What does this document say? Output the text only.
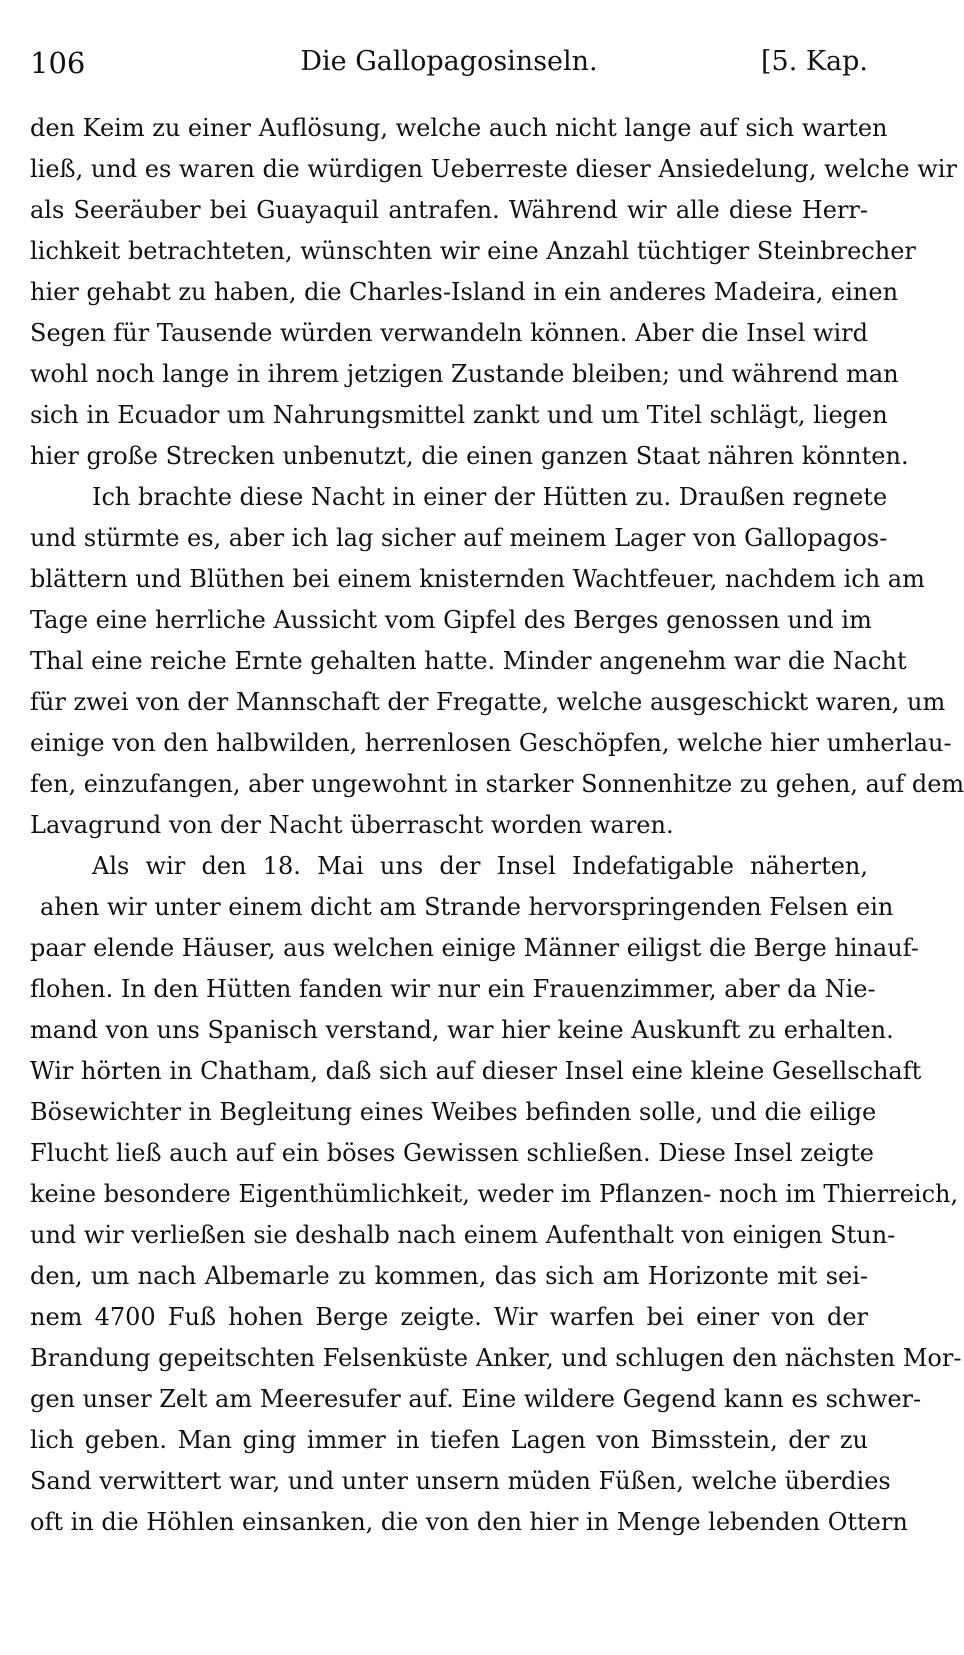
106	Die Gallopagosinseln.	[5. Kap.
den Keim zu einer Auflösung, welche auch nicht lange auf sich warten
ließ, und es waren die würdigen Ueberreste dieser Ansiedelung, welche wir
als Seeräuber bei Guayaquil antrafen. Während wir alle diese Herr-
lichkeit betrachteten, wünschten wir eine Anzahl tüchtiger Steinbrecher
hier gehabt zu haben, die Charles-Island in ein anderes Madeira, einen
Segen für Tausende würden verwandeln können. Aber die Insel wird
wohl noch lange in ihrem jetzigen Zustande bleiben; und während man
sich in Ecuador um Nahrungsmittel zankt und um Titel schlägt, liegen
hier große Strecken unbenutzt, die einen ganzen Staat nähren könnten.
Ich brachte diese Nacht in einer der Hütten zu. Draußen regnete
und stürmte es, aber ich lag sicher auf meinem Lager von Gallopagos-
blättern und Blüthen bei einem knisternden Wachtfeuer, nachdem ich am
Tage eine herrliche Aussicht vom Gipfel des Berges genossen und im
Thal eine reiche Ernte gehalten hatte. Minder angenehm war die Nacht
für zwei von der Mannschaft der Fregatte, welche ausgeschickt waren, um
einige von den halbwilden, herrenlosen Geschöpfen, welche hier umherlau-
fen, einzufangen, aber ungewohnt in starker Sonnenhitze zu gehen, auf dem
Lavagrund von der Nacht überrascht worden waren.
Als wir den 18. Mai uns der Insel Indefatigable näherten,
ahen wir unter einem dicht am Strande hervorspringenden Felsen ein
paar elende Häuser, aus welchen einige Männer eiligst die Berge hinauf-
flohen. In den Hütten fanden wir nur ein Frauenzimmer, aber da Nie-
mand von uns Spanisch verstand, war hier keine Auskunft zu erhalten.
Wir hörten in Chatham, daß sich auf dieser Insel eine kleine Gesellschaft
Bösewichter in Begleitung eines Weibes befinden solle, und die eilige
Flucht ließ auch auf ein böses Gewissen schließen. Diese Insel zeigte
keine besondere Eigenthümlichkeit, weder im Pflanzen- noch im Thierreich,
und wir verließen sie deshalb nach einem Aufenthalt von einigen Stun-
den, um nach Albemarle zu kommen, das sich am Horizonte mit sei-
nem 4700 Fuß hohen Berge zeigte. Wir warfen bei einer von der
Brandung gepeitschten Felsenküste Anker, und schlugen den nächsten Mor-
gen unser Zelt am Meeresufer auf. Eine wildere Gegend kann es schwer-
lich geben. Man ging immer in tiefen Lagen von Bimsstein, der zu
Sand verwittert war, und unter unsern müden Füßen, welche überdies
oft in die Höhlen einsanken, die von den hier in Menge lebenden Ottern
